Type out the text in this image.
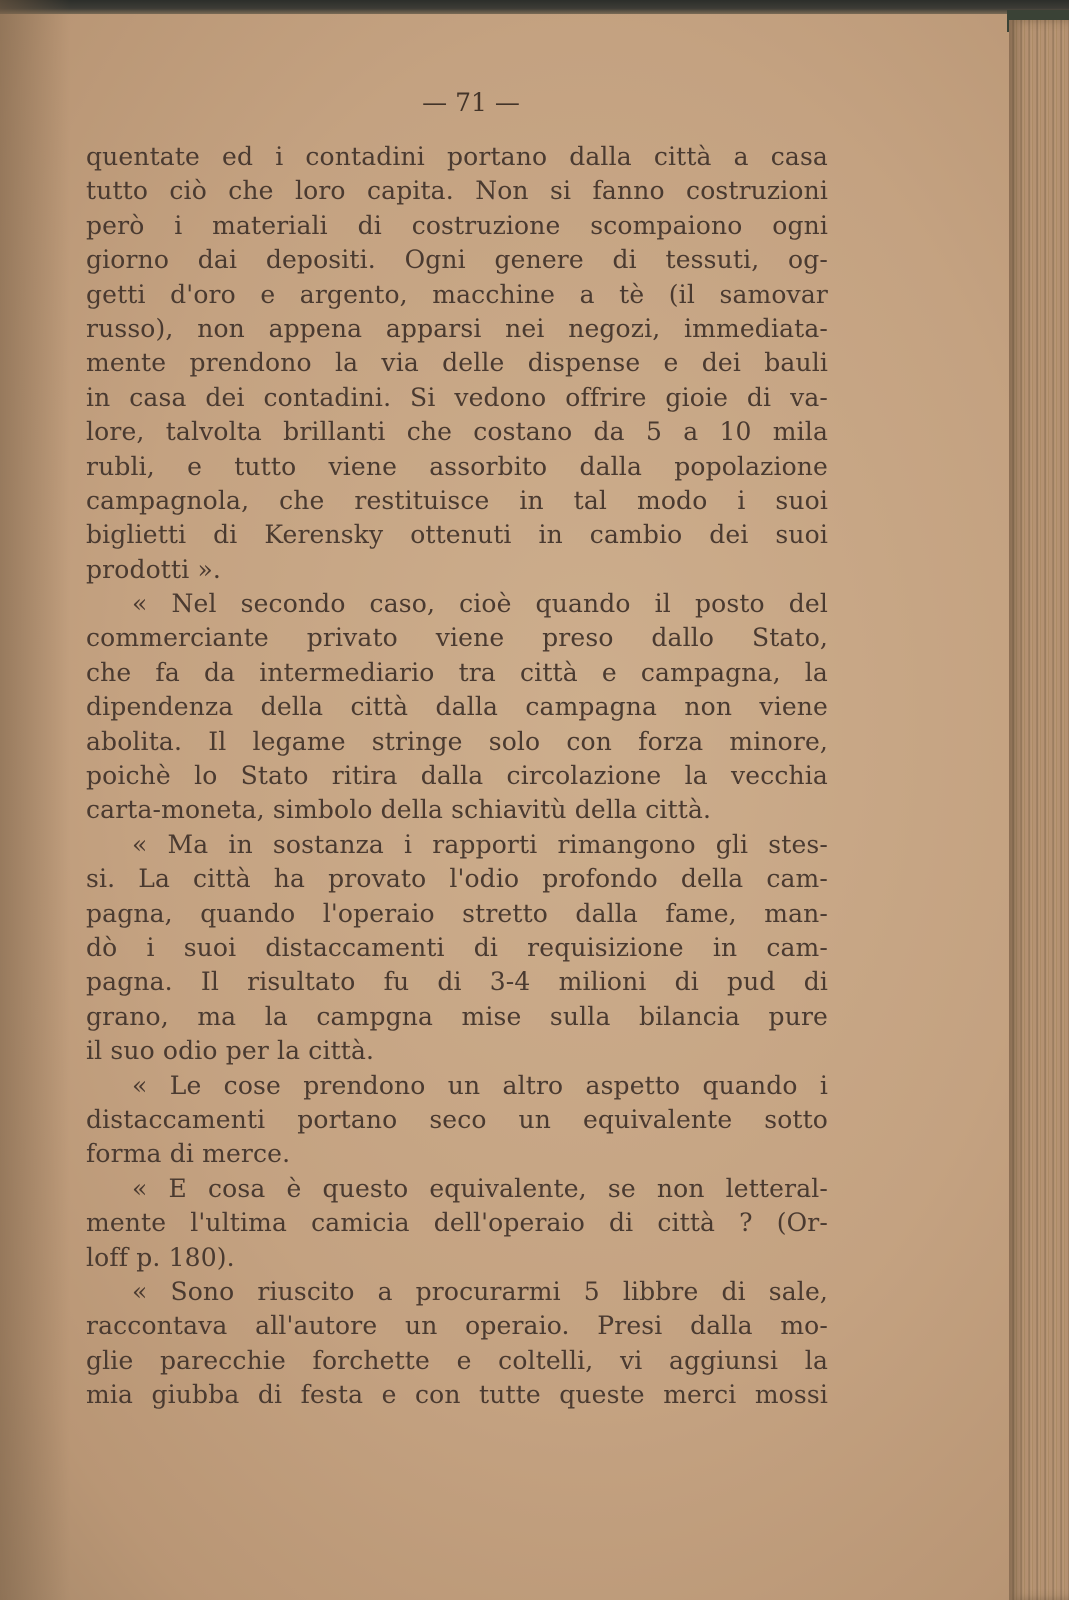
— 71 —
quentate ed i contadini portano dalla città a casa
tutto ciò che loro capita. Non si fanno costruzioni
però i materiali di costruzione scompaiono ogni
giorno dai depositi. Ogni genere di tessuti, og-
getti d'oro e argento, macchine a tè (il samovar
russo), non appena apparsi nei negozi, immediata-
mente prendono la via delle dispense e dei bauli
in casa dei contadini. Si vedono offrire gioie di va-
lore, talvolta brillanti che costano da 5 a 10 mila
rubli, e tutto viene assorbito dalla popolazione
campagnola, che restituisce in tal modo i suoi
biglietti di Kerensky ottenuti in cambio dei suoi
prodotti ».
« Nel secondo caso, cioè quando il posto del
commerciante privato viene preso dallo Stato,
che fa da intermediario tra città e campagna, la
dipendenza della città dalla campagna non viene
abolita. Il legame stringe solo con forza minore,
poichè lo Stato ritira dalla circolazione la vecchia
carta-moneta, simbolo della schiavitù della città.
« Ma in sostanza i rapporti rimangono gli stes-
si. La città ha provato l'odio profondo della cam-
pagna, quando l'operaio stretto dalla fame, man-
dò i suoi distaccamenti di requisizione in cam-
pagna. Il risultato fu di 3-4 milioni di pud di
grano, ma la campgna mise sulla bilancia pure
il suo odio per la città.
« Le cose prendono un altro aspetto quando i
distaccamenti portano seco un equivalente sotto
forma di merce.
« E cosa è questo equivalente, se non letteral-
mente l'ultima camicia dell'operaio di città ? (Or-
loff p. 180).
« Sono riuscito a procurarmi 5 libbre di sale,
raccontava all'autore un operaio. Presi dalla mo-
glie parecchie forchette e coltelli, vi aggiunsi la
mia giubba di festa e con tutte queste merci mossi
